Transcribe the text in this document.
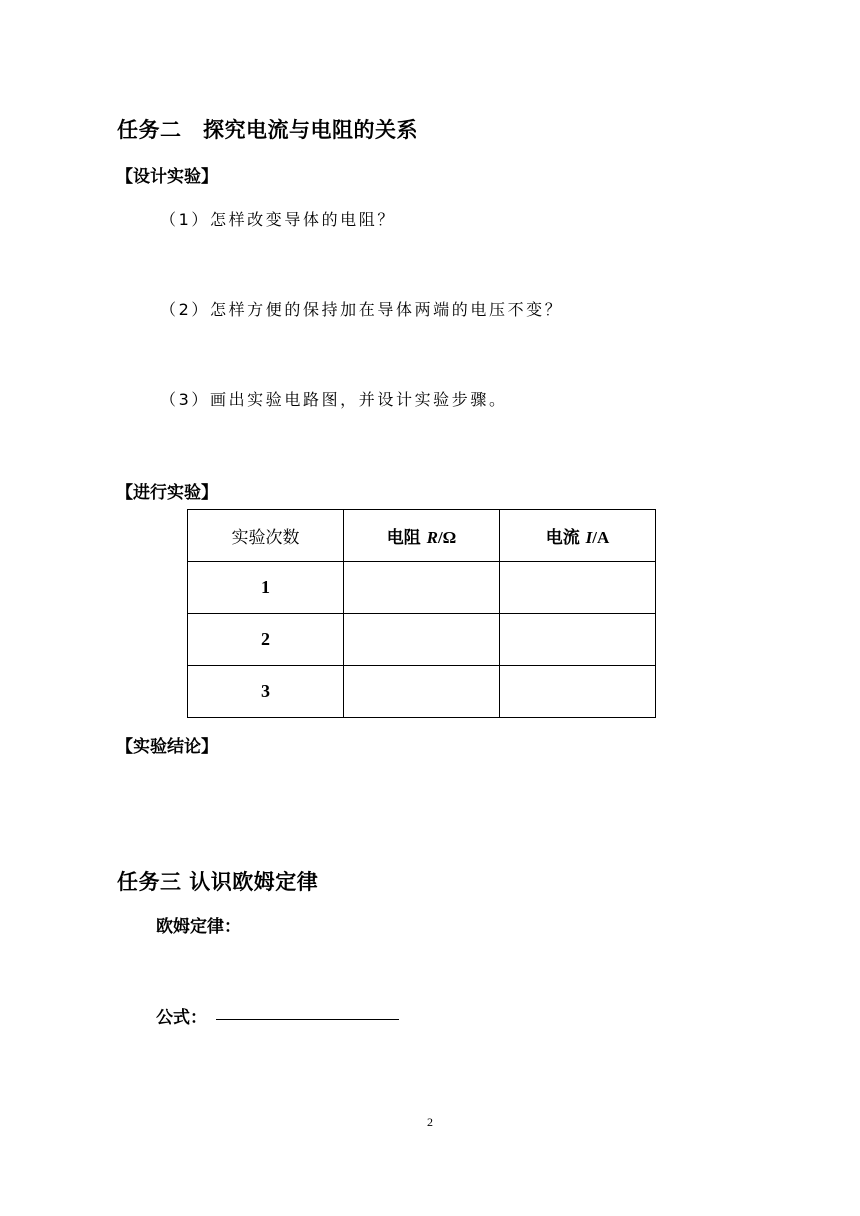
任务二　探究电流与电阻的关系
【设计实验】
（1）怎样改变导体的电阻？
（2）怎样方便的保持加在导体两端的电压不变？
（3）画出实验电路图，并设计实验步骤。
【进行实验】
实验次数	电阻 R/Ω	电流 I/A
1		
2		
3		
【实验结论】
任务三 认识欧姆定律
欧姆定律：
公式：
2
